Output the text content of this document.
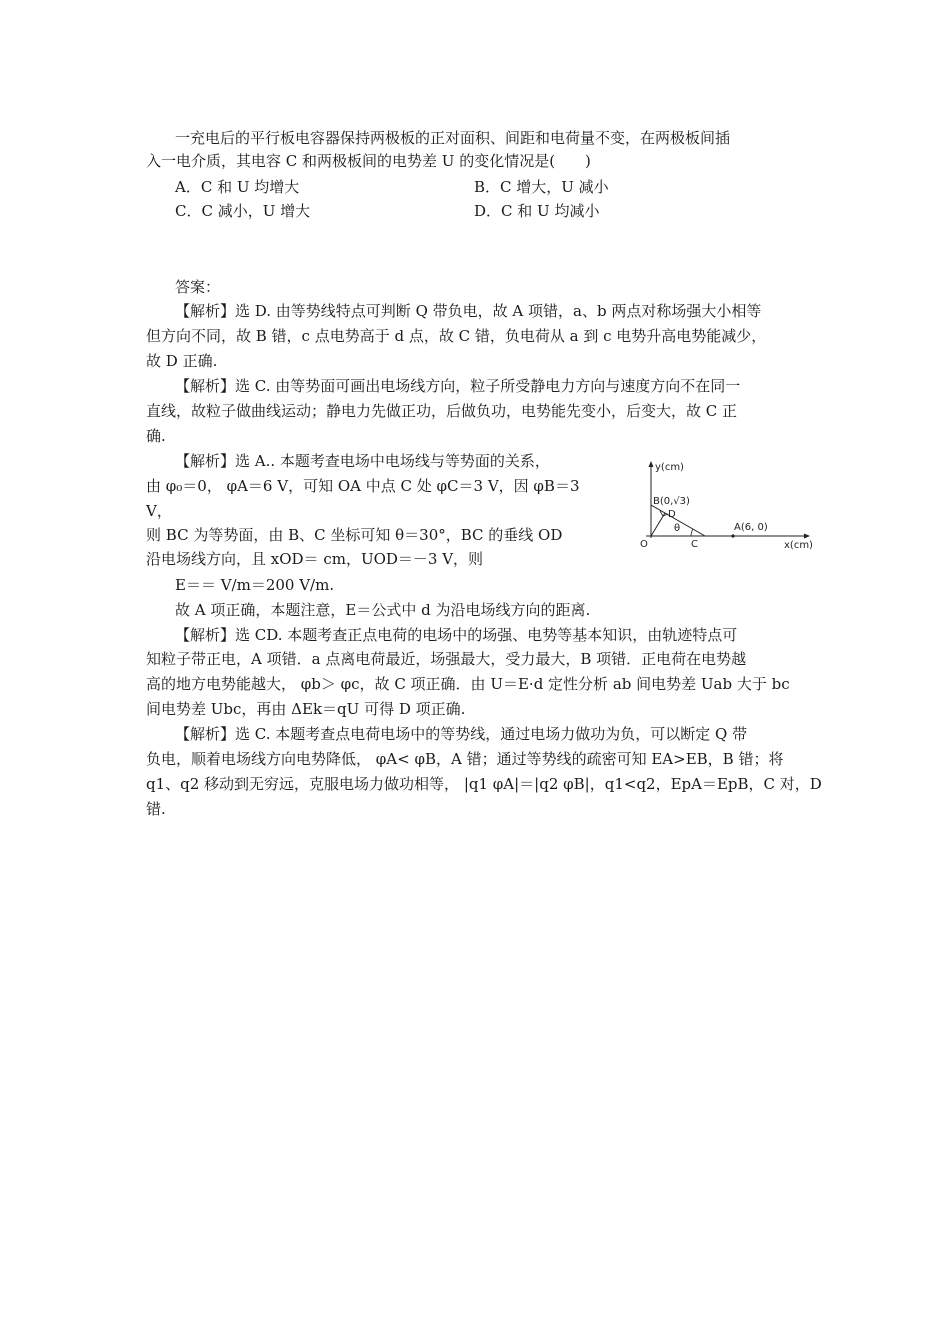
一充电后的平行板电容器保持两极板的正对面积、间距和电荷量不变，在两极板间插
入一电介质，其电容 C 和两极板间的电势差 U 的变化情况是(　　)
A．C 和 U 均增大	B．C 增大，U 减小
C．C 减小，U 增大	D．C 和 U 均减小
答案：
【解析】选 D. 由等势线特点可判断 Q 带负电，故 A 项错，a、b 两点对称场强大小相等
但方向不同，故 B 错，c 点电势高于 d 点，故 C 错，负电荷从 a 到 c 电势升高电势能减少，
故 D 正确.
【解析】选 C. 由等势面可画出电场线方向，粒子所受静电力方向与速度方向不在同一
直线，故粒子做曲线运动；静电力先做正功，后做负功，电势能先变小，后变大，故 C 正
确.
【解析】选 A.. 本题考查电场中电场线与等势面的关系，
由 φ₀＝0， φA＝6 V，可知 OA 中点 C 处 φC＝3 V，因 φB＝3
V，
则 BC 为等势面，由 B、C 坐标可知 θ＝30°，BC 的垂线 OD
沿电场线方向，且 xOD＝ cm，UOD＝－3 V，则
E＝＝ V/m＝200 V/m.
故 A 项正确，本题注意，E＝公式中 d 为沿电场线方向的距离.
y(cm)
x(cm)
B(0,√3)
D
O	C
A(6, 0)
θ
【解析】选 CD. 本题考查正点电荷的电场中的场强、电势等基本知识，由轨迹特点可
知粒子带正电，A 项错．a 点离电荷最近，场强最大，受力最大，B 项错．正电荷在电势越
高的地方电势能越大， φb＞ φc，故 C 项正确．由 U＝E·d 定性分析 ab 间电势差 Uab 大于 bc
间电势差 Ubc，再由 ΔEk＝qU 可得 D 项正确.
【解析】选 C. 本题考查点电荷电场中的等势线，通过电场力做功为负，可以断定 Q 带
负电，顺着电场线方向电势降低， φA< φB，A 错；通过等势线的疏密可知 EA>EB，B 错；将
q1、q2 移动到无穷远，克服电场力做功相等， |q1 φA|＝|q2 φB|，q1<q2，EpA＝EpB，C 对，D
错.
